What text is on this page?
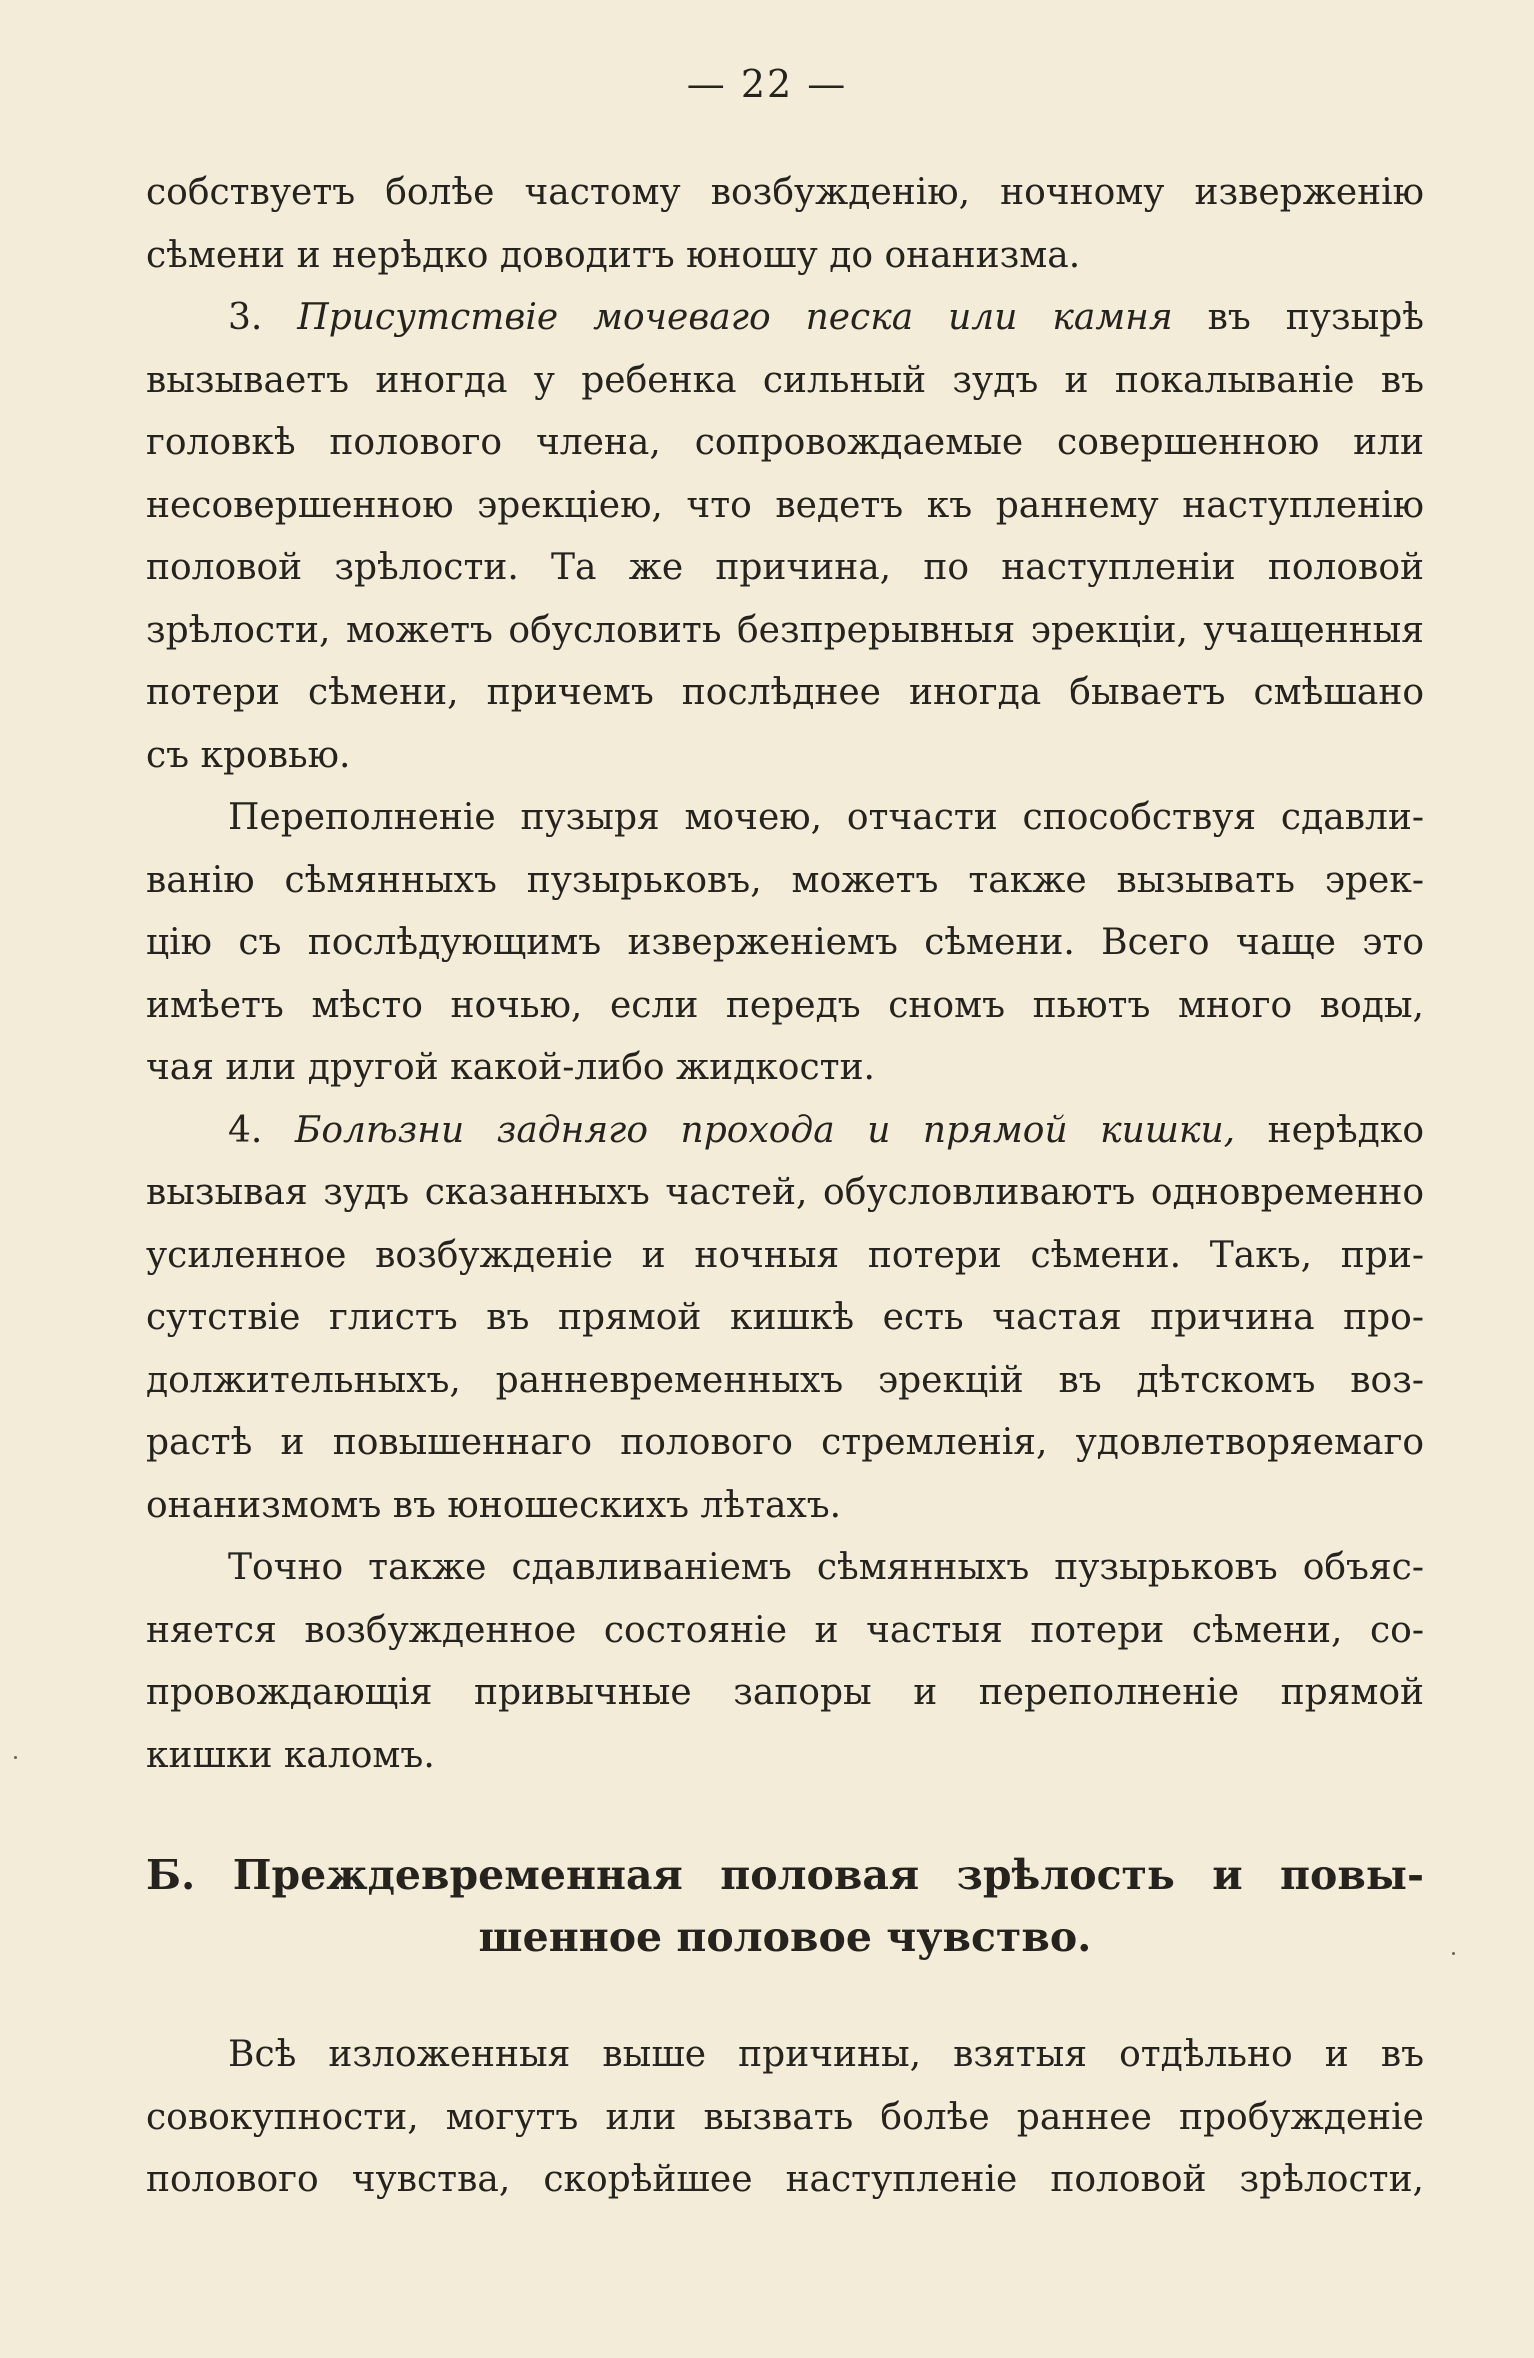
— 22 —

собствуетъ болѣе частому возбужденію, ночному изверженію
сѣмени и нерѣдко доводитъ юношу до онанизма.

3. Присутствіе мочеваго песка или камня въ пузырѣ
вызываетъ иногда у ребенка сильный зудъ и покалываніе въ
головкѣ полового члена, сопровождаемые совершенною или
несовершенною эрекціею, что ведетъ къ раннему наступленію
половой зрѣлости. Та же причина, по наступленіи половой
зрѣлости, можетъ обусловить безпрерывныя эрекціи, учащенныя
потери сѣмени, причемъ послѣднее иногда бываетъ смѣшано
съ кровью.

Переполненіе пузыря мочею, отчасти способствуя сдавли-
ванію сѣмянныхъ пузырьковъ, можетъ также вызывать эрек-
цію съ послѣдующимъ изверженіемъ сѣмени. Всего чаще это
имѣетъ мѣсто ночью, если передъ сномъ пьютъ много воды,
чая или другой какой-либо жидкости.

4. Болѣзни задняго прохода и прямой кишки, нерѣдко
вызывая зудъ сказанныхъ частей, обусловливаютъ одновременно
усиленное возбужденіе и ночныя потери сѣмени. Такъ, при-
сутствіе глистъ въ прямой кишкѣ есть частая причина про-
должительныхъ, ранневременныхъ эрекцій въ дѣтскомъ воз-
растѣ и повышеннаго полового стремленія, удовлетворяемаго
онанизмомъ въ юношескихъ лѣтахъ.

Точно также сдавливаніемъ сѣмянныхъ пузырьковъ объяс-
няется возбужденное состояніе и частыя потери сѣмени, со-
провождающія привычные запоры и переполненіе прямой
кишки каломъ.

Б. Преждевременная половая зрѣлость и повы-
шенное половое чувство.

Всѣ изложенныя выше причины, взятыя отдѣльно и въ
совокупности, могутъ или вызвать болѣе раннее пробужденіе
полового чувства, скорѣйшее наступленіе половой зрѣлости,
